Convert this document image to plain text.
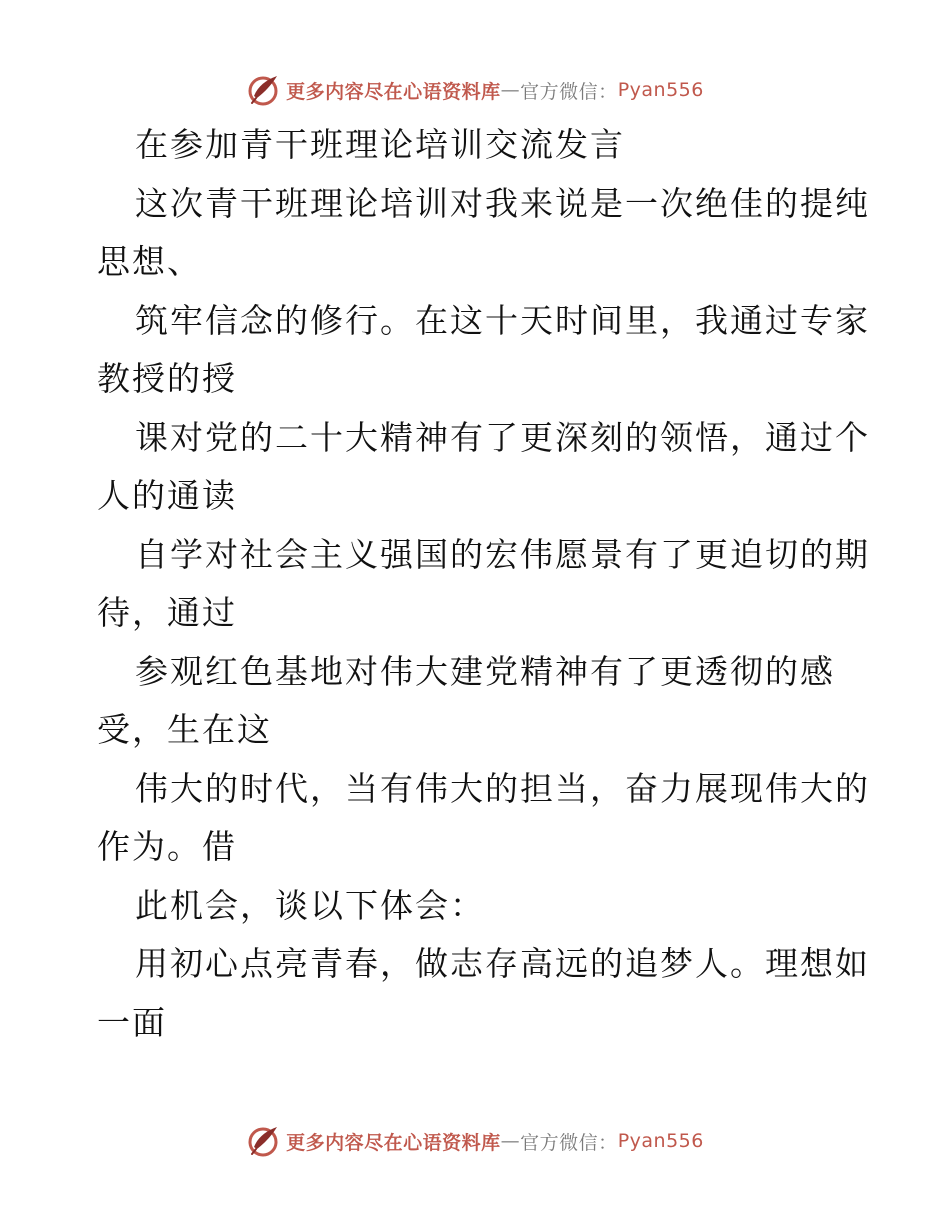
更多内容尽在心语资料库 — 官方微信： Pyan556

在参加青干班理论培训交流发言

这次青干班理论培训对我来说是一次绝佳的提纯

思想、

筑牢信念的修行。在这十天时间里，我通过专家

教授的授

课对党的二十大精神有了更深刻的领悟，通过个

人的通读

自学对社会主义强国的宏伟愿景有了更迫切的期

待，通过

参观红色基地对伟大建党精神有了更透彻的感

受，生在这

伟大的时代，当有伟大的担当，奋力展现伟大的

作为。借

此机会，谈以下体会：

用初心点亮青春，做志存高远的追梦人。理想如

一面

更多内容尽在心语资料库 — 官方微信： Pyan556
